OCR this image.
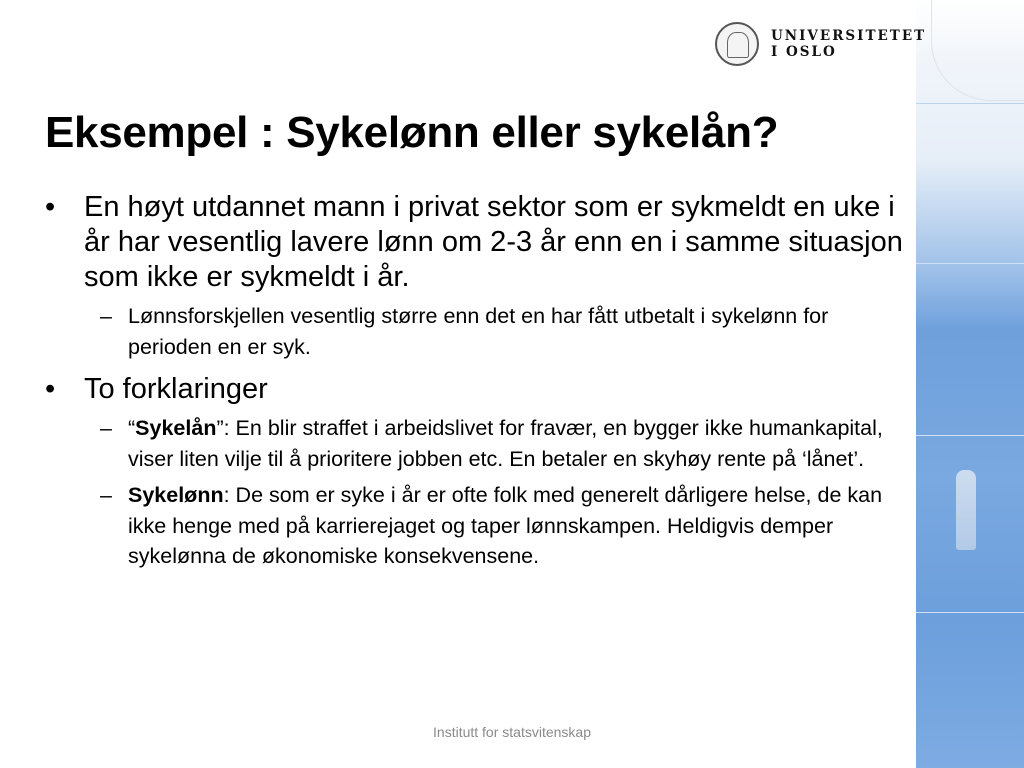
UNIVERSITETET
I OSLO
Eksempel : Sykelønn eller sykelån?

• En høyt utdannet mann i privat sektor som er sykmeldt en uke i år har vesentlig lavere lønn om 2-3 år enn en i samme situasjon som ikke er sykmeldt i år.

– Lønnsforskjellen vesentlig større enn det en har fått utbetalt i sykelønn for perioden en er syk.

• To forklaringer

– “Sykelån”: En blir straffet i arbeidslivet for fravær, en bygger ikke humankapital, viser liten vilje til å prioritere jobben etc. En betaler en skyhøy rente på ‘lånet’.

– Sykelønn: De som er syke i år er ofte folk med generelt dårligere helse, de kan ikke henge med på karrierejaget og taper lønnskampen. Heldigvis demper sykelønna de økonomiske konsekvensene.

Institutt for statsvitenskap
